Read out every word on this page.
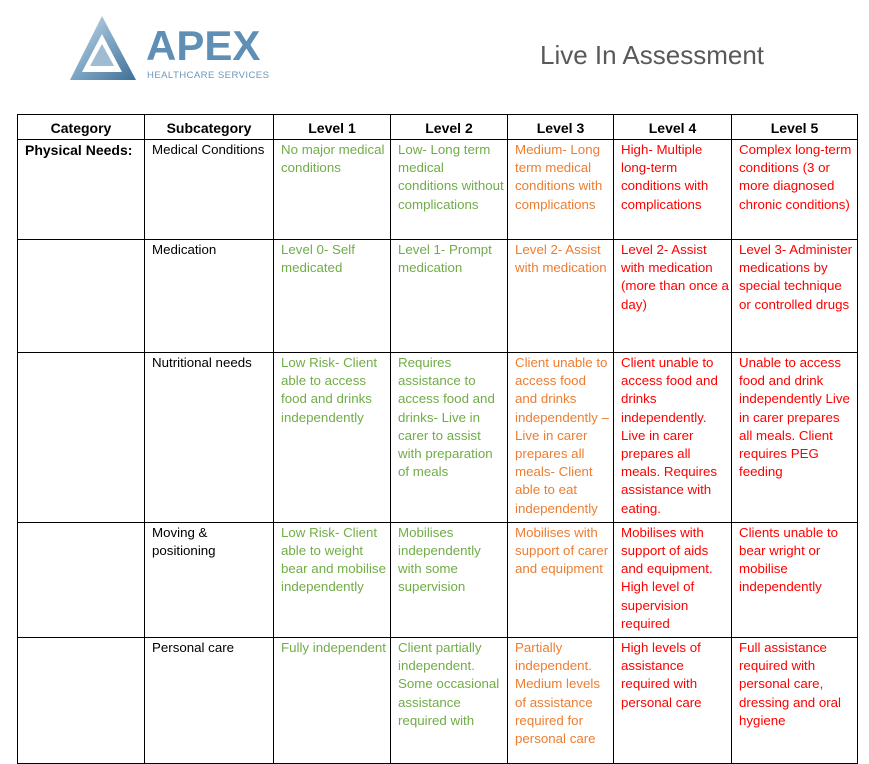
APEX
HEALTHCARE SERVICES
Live In Assessment
Category	Subcategory	Level 1	Level 2	Level 3	Level 4	Level 5
Physical Needs:	Medical Conditions	No major medical conditions	Low- Long term medical conditions without complications	Medium- Long term medical conditions with complications	High- Multiple long-term conditions with complications	Complex long-term conditions (3 or more diagnosed chronic conditions)
	Medication	Level 0- Self medicated	Level 1- Prompt medication	Level 2- Assist with medication	Level 2- Assist with medication (more than once a day)	Level 3- Administer medications by special technique or controlled drugs
	Nutritional needs	Low Risk- Client able to access food and drinks independently	Requires assistance to access food and drinks- Live in carer to assist with preparation of meals	Client unable to access food and drinks independently – Live in carer prepares all meals- Client able to eat independently	Client unable to access food and drinks independently. Live in carer prepares all meals. Requires assistance with eating.	Unable to access food and drink independently Live in carer prepares all meals. Client requires PEG feeding
	Moving & positioning	Low Risk- Client able to weight bear and mobilise independently	Mobilises independently with some supervision	Mobilises with support of carer and equipment	Mobilises with support of aids and equipment. High level of supervision required	Clients unable to bear wright or mobilise independently
	Personal care	Fully independent	Client partially independent. Some occasional assistance required with	Partially independent. Medium levels of assistance required for personal care	High levels of assistance required with personal care	Full assistance required with personal care, dressing and oral hygiene
